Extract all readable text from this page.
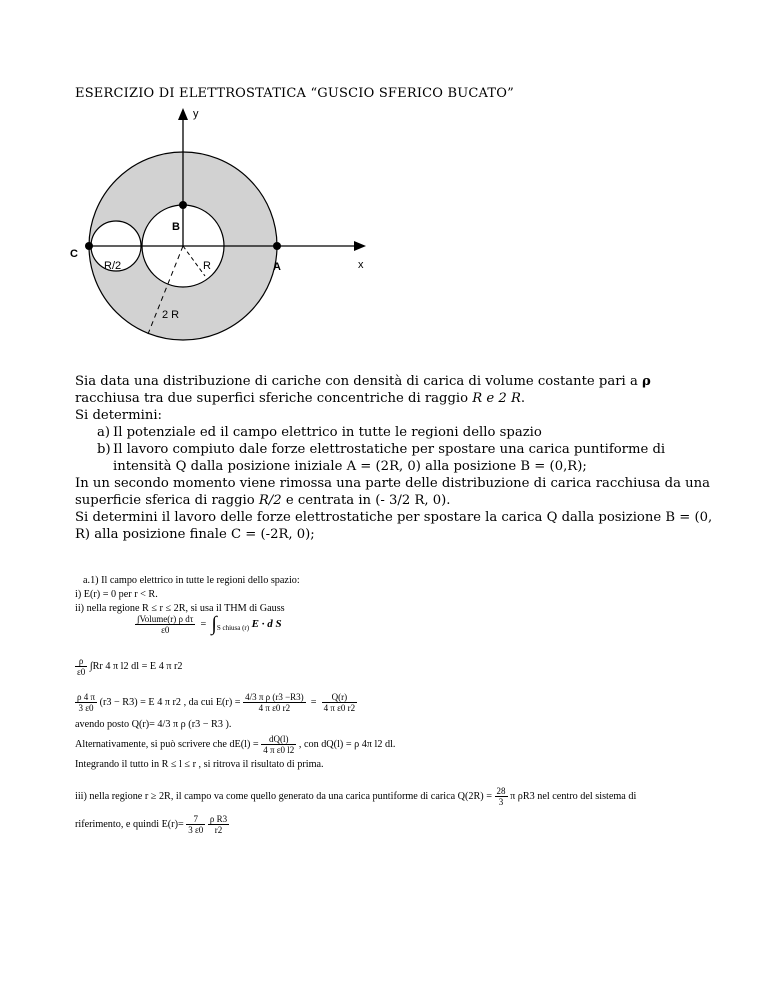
ESERCIZIO DI ELETTROSTATICA “GUSCIO SFERICO BUCATO”
y
x
A
B
C
R/2	R
2 R

Sia data una distribuzione di cariche con densità di carica di volume costante pari a ρ
racchiusa tra due superfici sferiche concentriche di raggio R e 2 R.

Si determini:

a) Il potenziale ed il campo elettrico in tutte le regioni dello spazio
b) Il lavoro compiuto dale forze elettrostatiche per spostare una carica puntiforme di intensità Q dalla posizione iniziale A = (2R, 0) alla posizione B = (0,R);

In un secondo momento viene rimossa una parte delle distribuzione di carica racchiusa da una superficie sferica di raggio R/2 e centrata in (- 3/2 R, 0).

Si determini il lavoro delle forze elettrostatiche per spostare la carica Q dalla posizione B = (0, R) alla posizione finale C = (-2R, 0);

a.1) Il campo elettrico in tutte le regioni dello spazio:
i) E(r) = 0 per r < R.
ii) nella regione R ≤ r ≤ 2R, si usa il THM di Gauss
$\frac{\text{∫Volume(r) ρ dτ}}{\varepsilon 0} = \int_{S chiusa (r)}$ E · d S
$\frac{\rho}{\varepsilon 0} \int Rr$ 4 π l2 dl = E 4 π r2
$\frac{\rho 4 \pi}{3 \varepsilon 0} (r3 - R3) = E$ 4 π r2 , da cui $E(r) = \frac{\text{4/3 π ρ (r3 −R3)}}{\text{4 π ε0 r2}} = \frac{Q(r)}{\text{4 π ε0 r2}}$
avendo posto Q(r)= 4/3 π ρ (r3 − R3 ).
Alternativamente, si può scrivere che $dE(l) = \frac{dQ(l)}{\text{4 π ε0 l2}}$ , con dQ(l) = ρ 4π l2 dl.
Integrando il tutto in R ≤ l ≤ r , si ritrova il risultato di prima.
iii) nella regione r ≥ 2R, il campo va come quello generato da una carica puntiforme di carica $Q(2R) = \frac{28}{3}$ π ρR3 nel centro del sistema di
riferimento, e quindi $E(r)= \frac{7}{3 \varepsilon 0}$
$\frac{\text{ρ R3}}{r2}$
